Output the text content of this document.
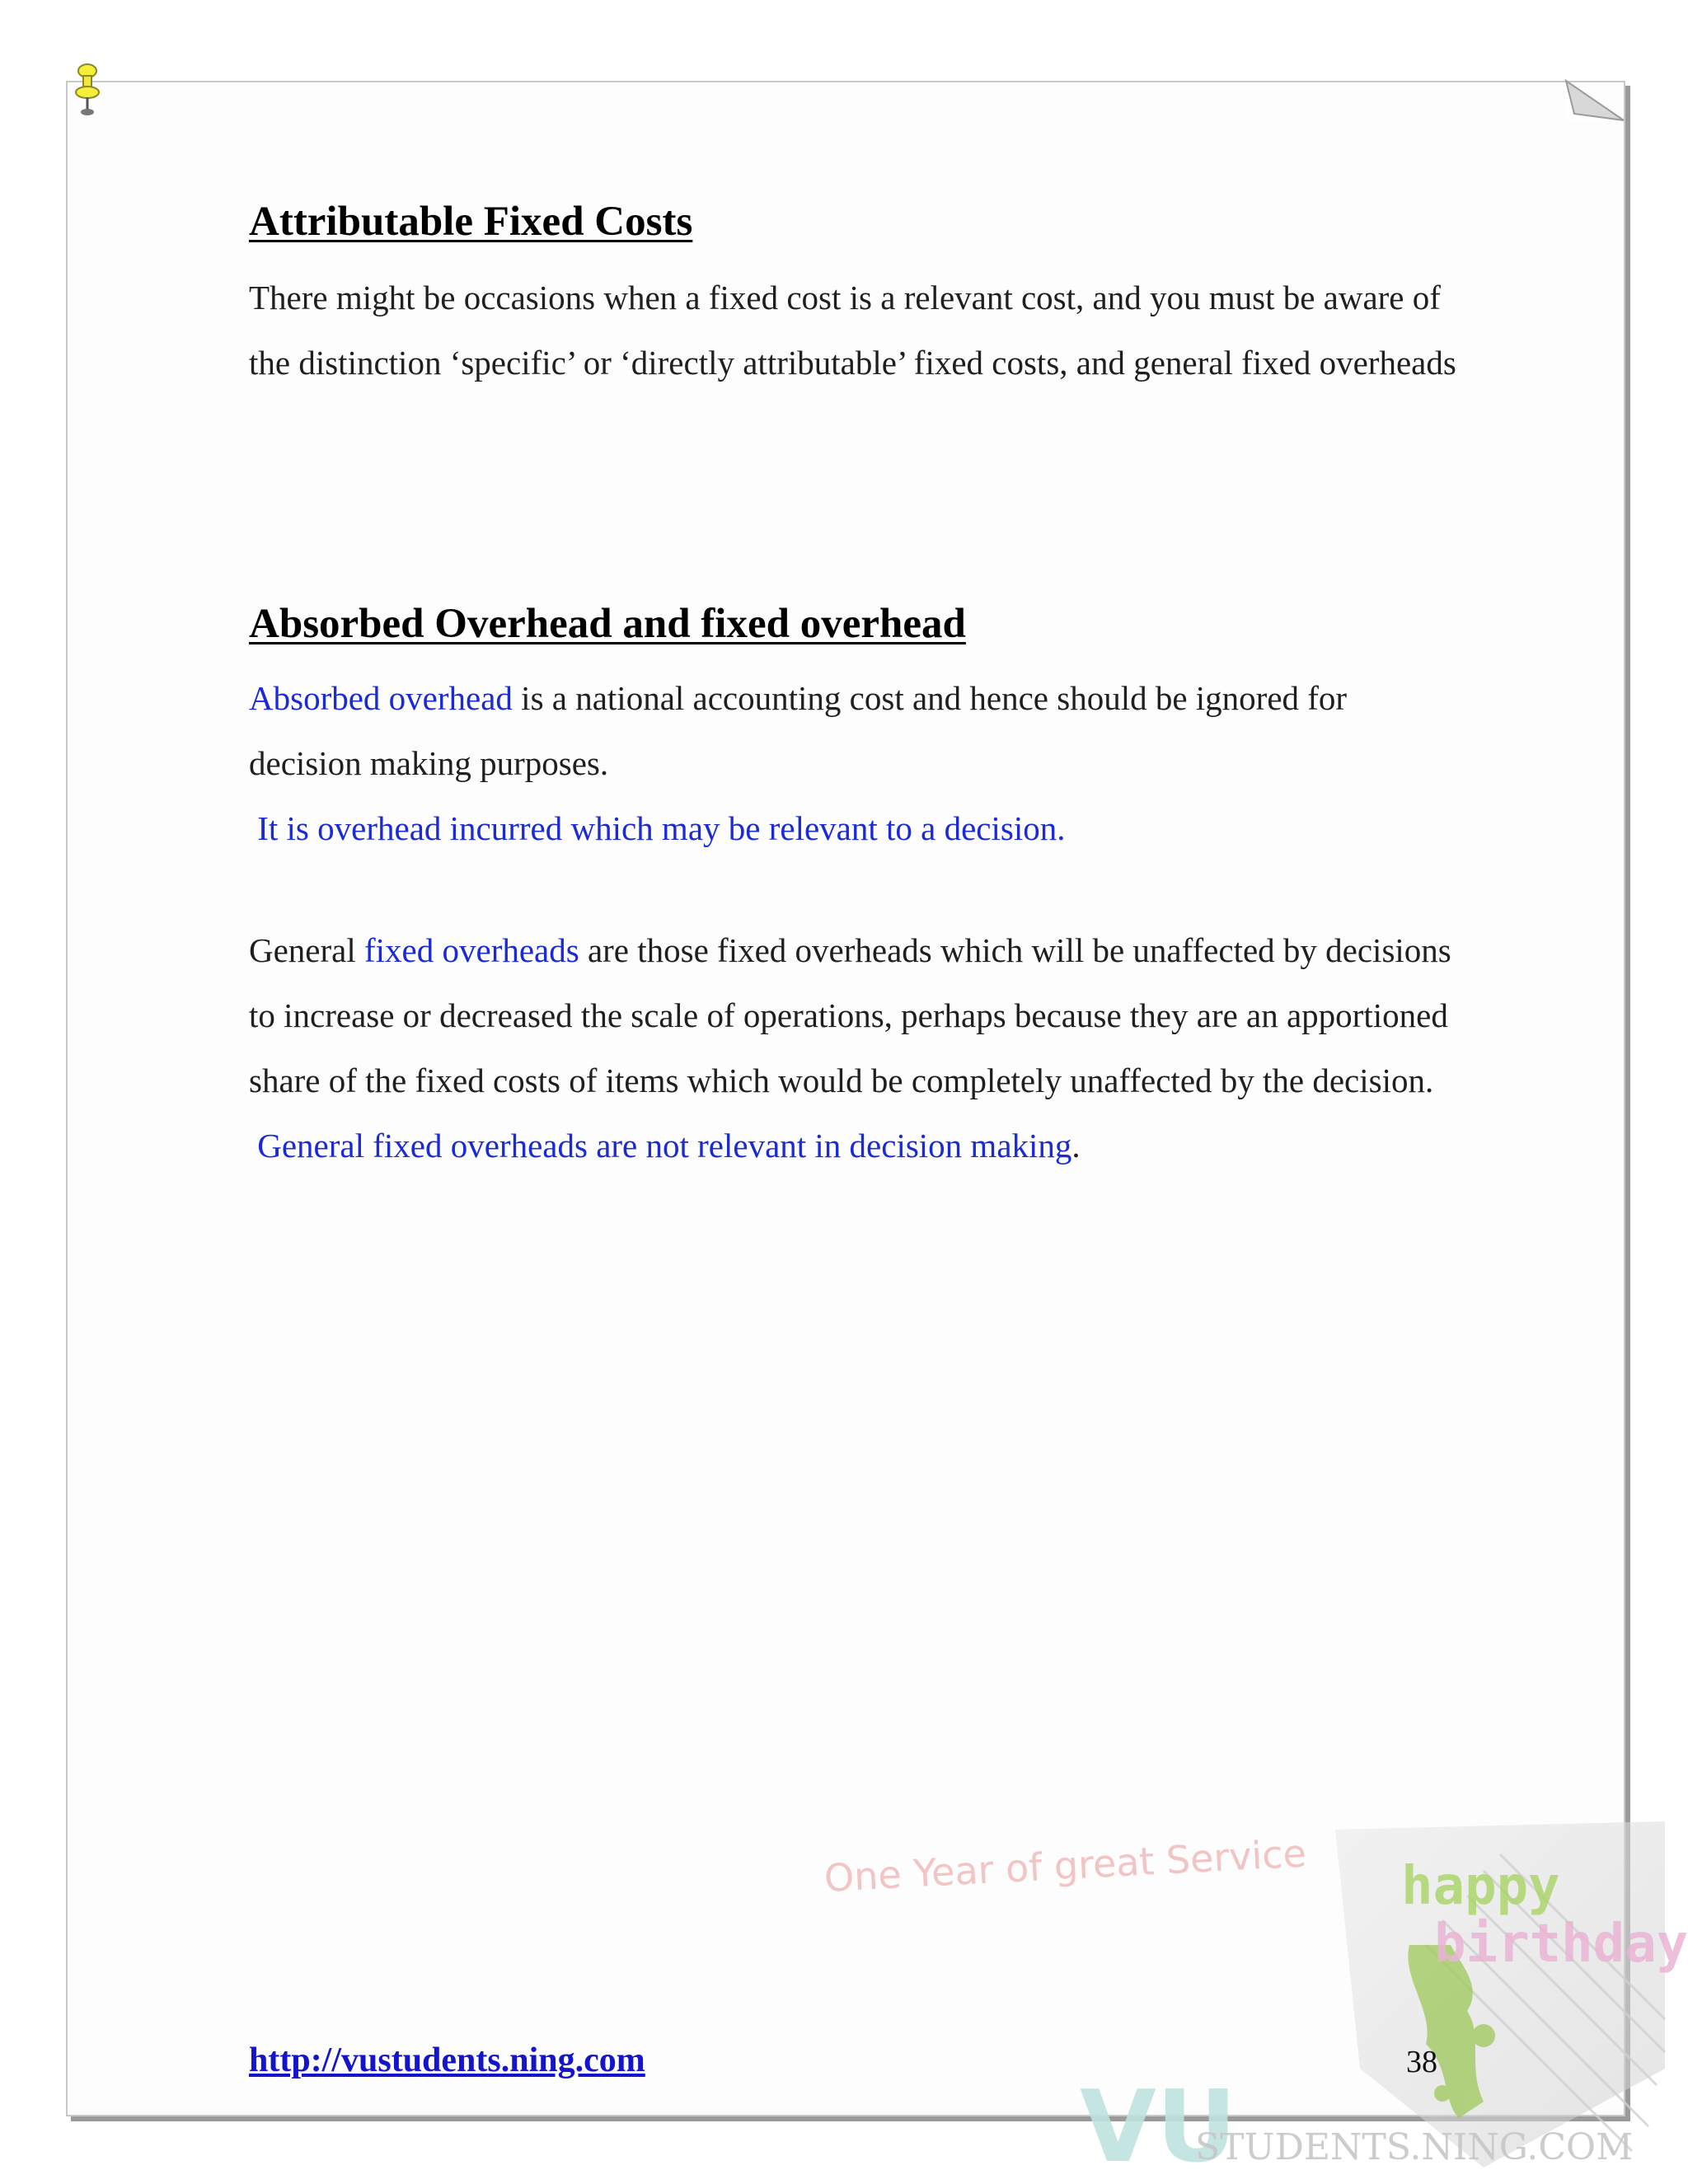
Attributable Fixed Costs

There might be occasions when a fixed cost is a relevant cost, and you must be aware of the distinction ‘specific’ or ‘directly attributable’ fixed costs, and general fixed overheads

Absorbed Overhead and fixed overhead

Absorbed overhead is a national accounting cost and hence should be ignored for decision making purposes.
It is overhead incurred which may be relevant to a decision.

General fixed overheads are those fixed overheads which will be unaffected by decisions to increase or decreased the scale of operations, perhaps because they are an apportioned share of the fixed costs of items which would be completely unaffected by the decision.
General fixed overheads are not relevant in decision making.

One Year of great Service happy
birthday
VU
STUDENTS.NING.COM
http://vustudents.ning.com	38
